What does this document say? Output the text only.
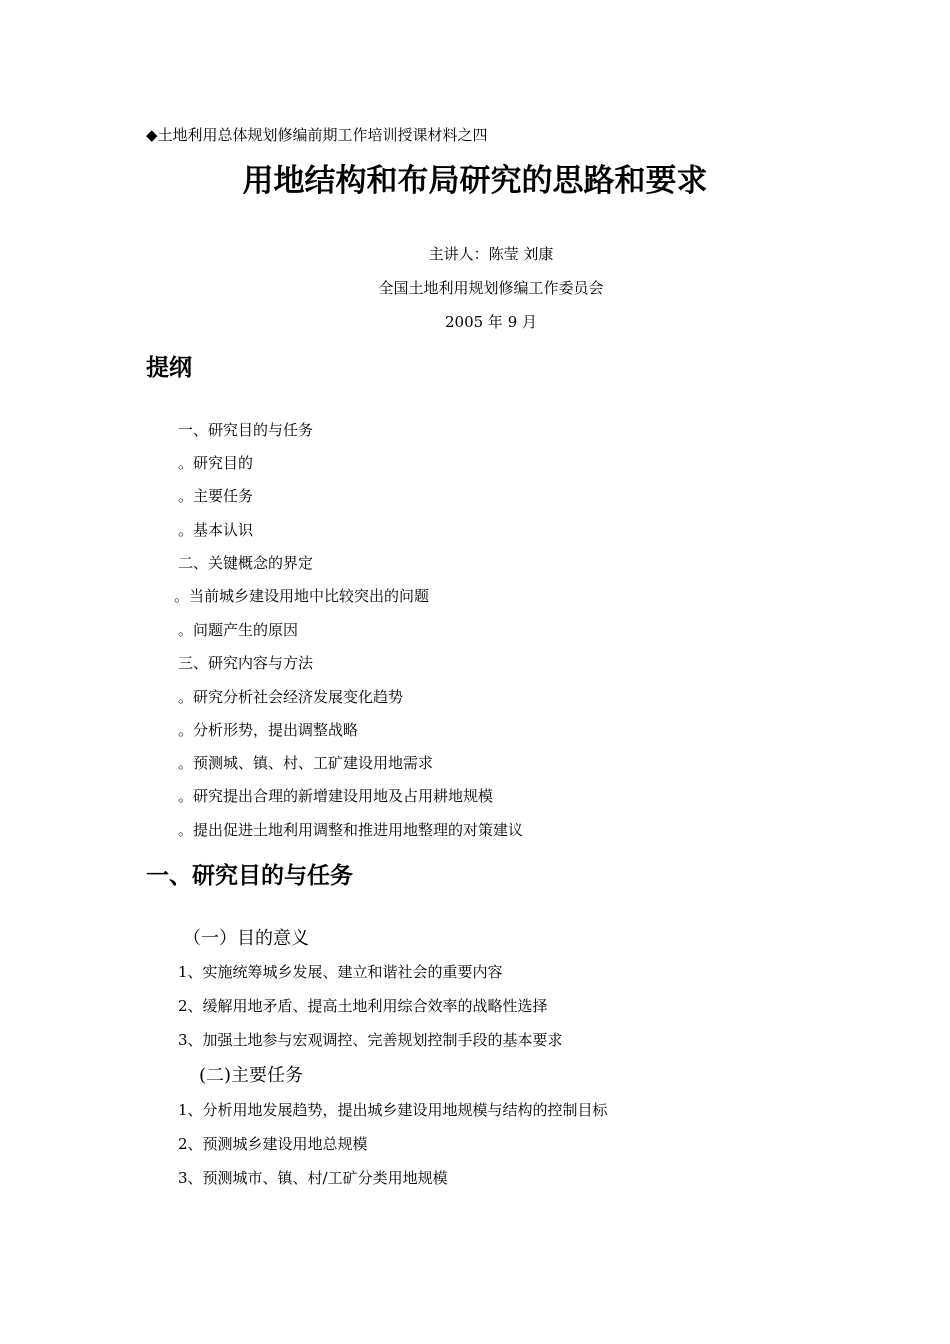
◆土地利用总体规划修编前期工作培训授课材料之四
用地结构和布局研究的思路和要求
主讲人：陈莹 刘康
全国土地利用规划修编工作委员会
2005 年 9 月
提纲
一、研究目的与任务
。研究目的
。主要任务
。基本认识
二、关键概念的界定
。当前城乡建设用地中比较突出的问题
。问题产生的原因
三、研究内容与方法
。研究分析社会经济发展变化趋势
。分析形势，提出调整战略
。预测城、镇、村、工矿建设用地需求
。研究提出合理的新增建设用地及占用耕地规模
。提出促进土地利用调整和推进用地整理的对策建议
一、研究目的与任务
（一）目的意义
1、实施统筹城乡发展、建立和谐社会的重要内容
2、缓解用地矛盾、提高土地利用综合效率的战略性选择
3、加强土地参与宏观调控、完善规划控制手段的基本要求
(二)主要任务
1、分析用地发展趋势，提出城乡建设用地规模与结构的控制目标
2、预测城乡建设用地总规模
3、预测城市、镇、村/工矿分类用地规模
